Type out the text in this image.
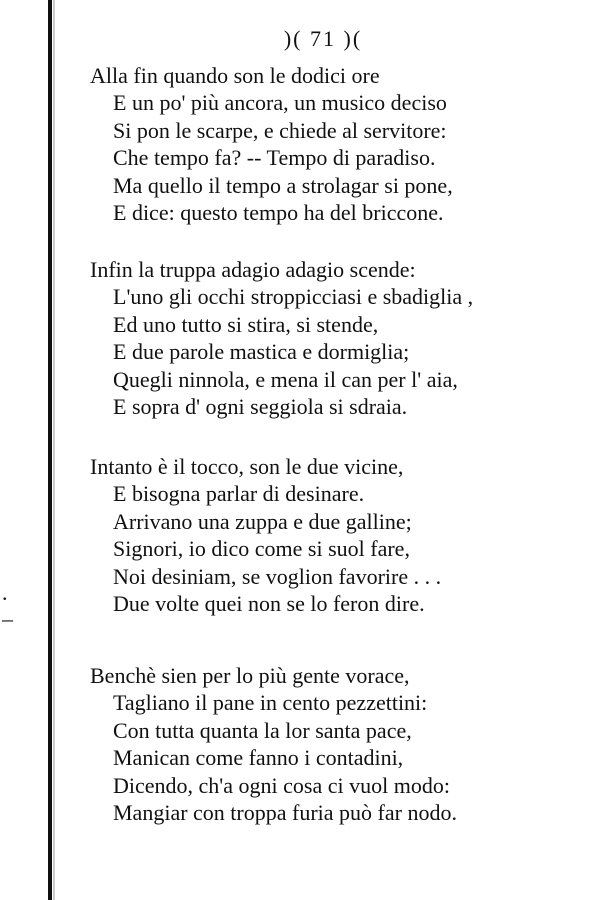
.
–
)( 71 )(
Alla fin quando son le dodici ore
E un po' più ancora, un musico deciso
Si pon le scarpe, e chiede al servitore:
Che tempo fa? -- Tempo di paradiso.
Ma quello il tempo a strolagar si pone,
E dice: questo tempo ha del briccone.
Infin la truppa adagio adagio scende:
L'uno gli occhi stroppicciasi e sbadiglia ,
Ed uno tutto si stira, si stende,
E due parole mastica e dormiglia;
Quegli ninnola, e mena il can per l' aia,
E sopra d' ogni seggiola si sdraia.
Intanto è il tocco, son le due vicine,
E bisogna parlar di desinare.
Arrivano una zuppa e due galline;
Signori, io dico come si suol fare,
Noi desiniam, se voglion favorire . . .
Due volte quei non se lo feron dire.
Benchè sien per lo più gente vorace,
Tagliano il pane in cento pezzettini:
Con tutta quanta la lor santa pace,
Manican come fanno i contadini,
Dicendo, ch'a ogni cosa ci vuol modo:
Mangiar con troppa furia può far nodo.
